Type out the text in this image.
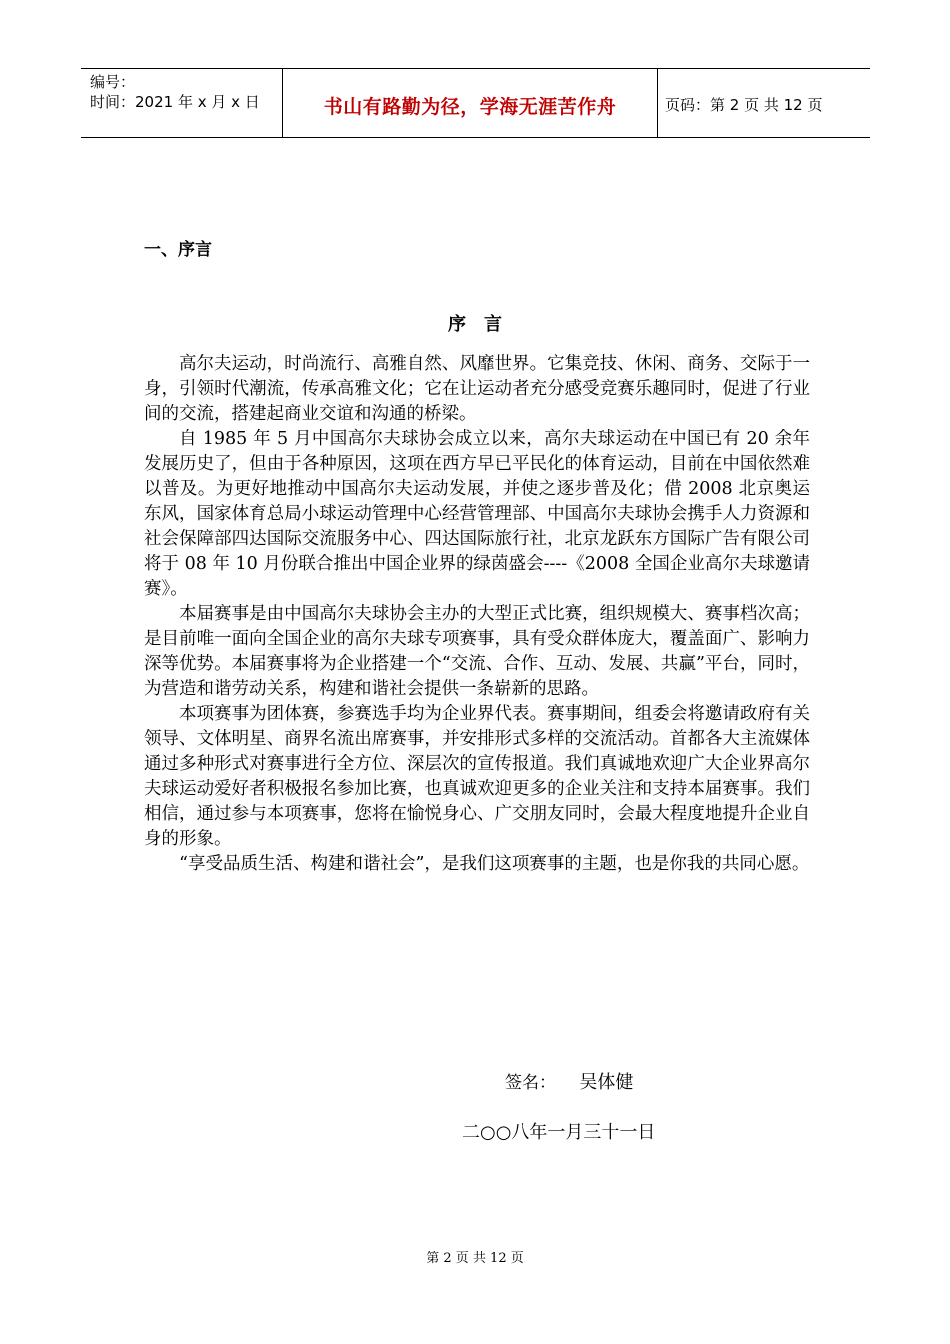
编号：
时间：2021 年 x 月 x 日	书山有路勤为径，学海无涯苦作舟	页码：第 2 页 共 12 页
一、序言
序　言

高尔夫运动，时尚流行、高雅自然、风靡世界。它集竞技、休闲、商务、交际于一身，引领时代潮流，传承高雅文化；它在让运动者充分感受竞赛乐趣同时，促进了行业间的交流，搭建起商业交谊和沟通的桥梁。

自 1985 年 5 月中国高尔夫球协会成立以来，高尔夫球运动在中国已有 20 余年发展历史了，但由于各种原因，这项在西方早已平民化的体育运动，目前在中国依然难以普及。为更好地推动中国高尔夫运动发展，并使之逐步普及化；借 2008 北京奥运东风，国家体育总局小球运动管理中心经营管理部、中国高尔夫球协会携手人力资源和社会保障部四达国际交流服务中心、四达国际旅行社，北京龙跃东方国际广告有限公司 将于 08 年 10 月份联合推出中国企业界的绿茵盛会----《2008 全国企业高尔夫球邀请赛》。

本届赛事是由中国高尔夫球协会主办的大型正式比赛，组织规模大、赛事档次高；是目前唯一面向全国企业的高尔夫球专项赛事，具有受众群体庞大，覆盖面广、影响力深等优势。本届赛事将为企业搭建一个“交流、合作、互动、发展、共赢”平台，同时，为营造和谐劳动关系，构建和谐社会提供一条崭新的思路。

本项赛事为团体赛，参赛选手均为企业界代表。赛事期间，组委会将邀请政府有关领导、文体明星、商界名流出席赛事，并安排形式多样的交流活动。首都各大主流媒体通过多种形式对赛事进行全方位、深层次的宣传报道。我们真诚地欢迎广大企业界高尔夫球运动爱好者积极报名参加比赛，也真诚欢迎更多的企业关注和支持本届赛事。我们相信，通过参与本项赛事，您将在愉悦身心、广交朋友同时，会最大程度地提升企业自身的形象。

“享受品质生活、构建和谐社会”，是我们这项赛事的主题，也是你我的共同心愿。

签名： 吴体健
二○○八年一月三十一日
第 2 页 共 12 页
